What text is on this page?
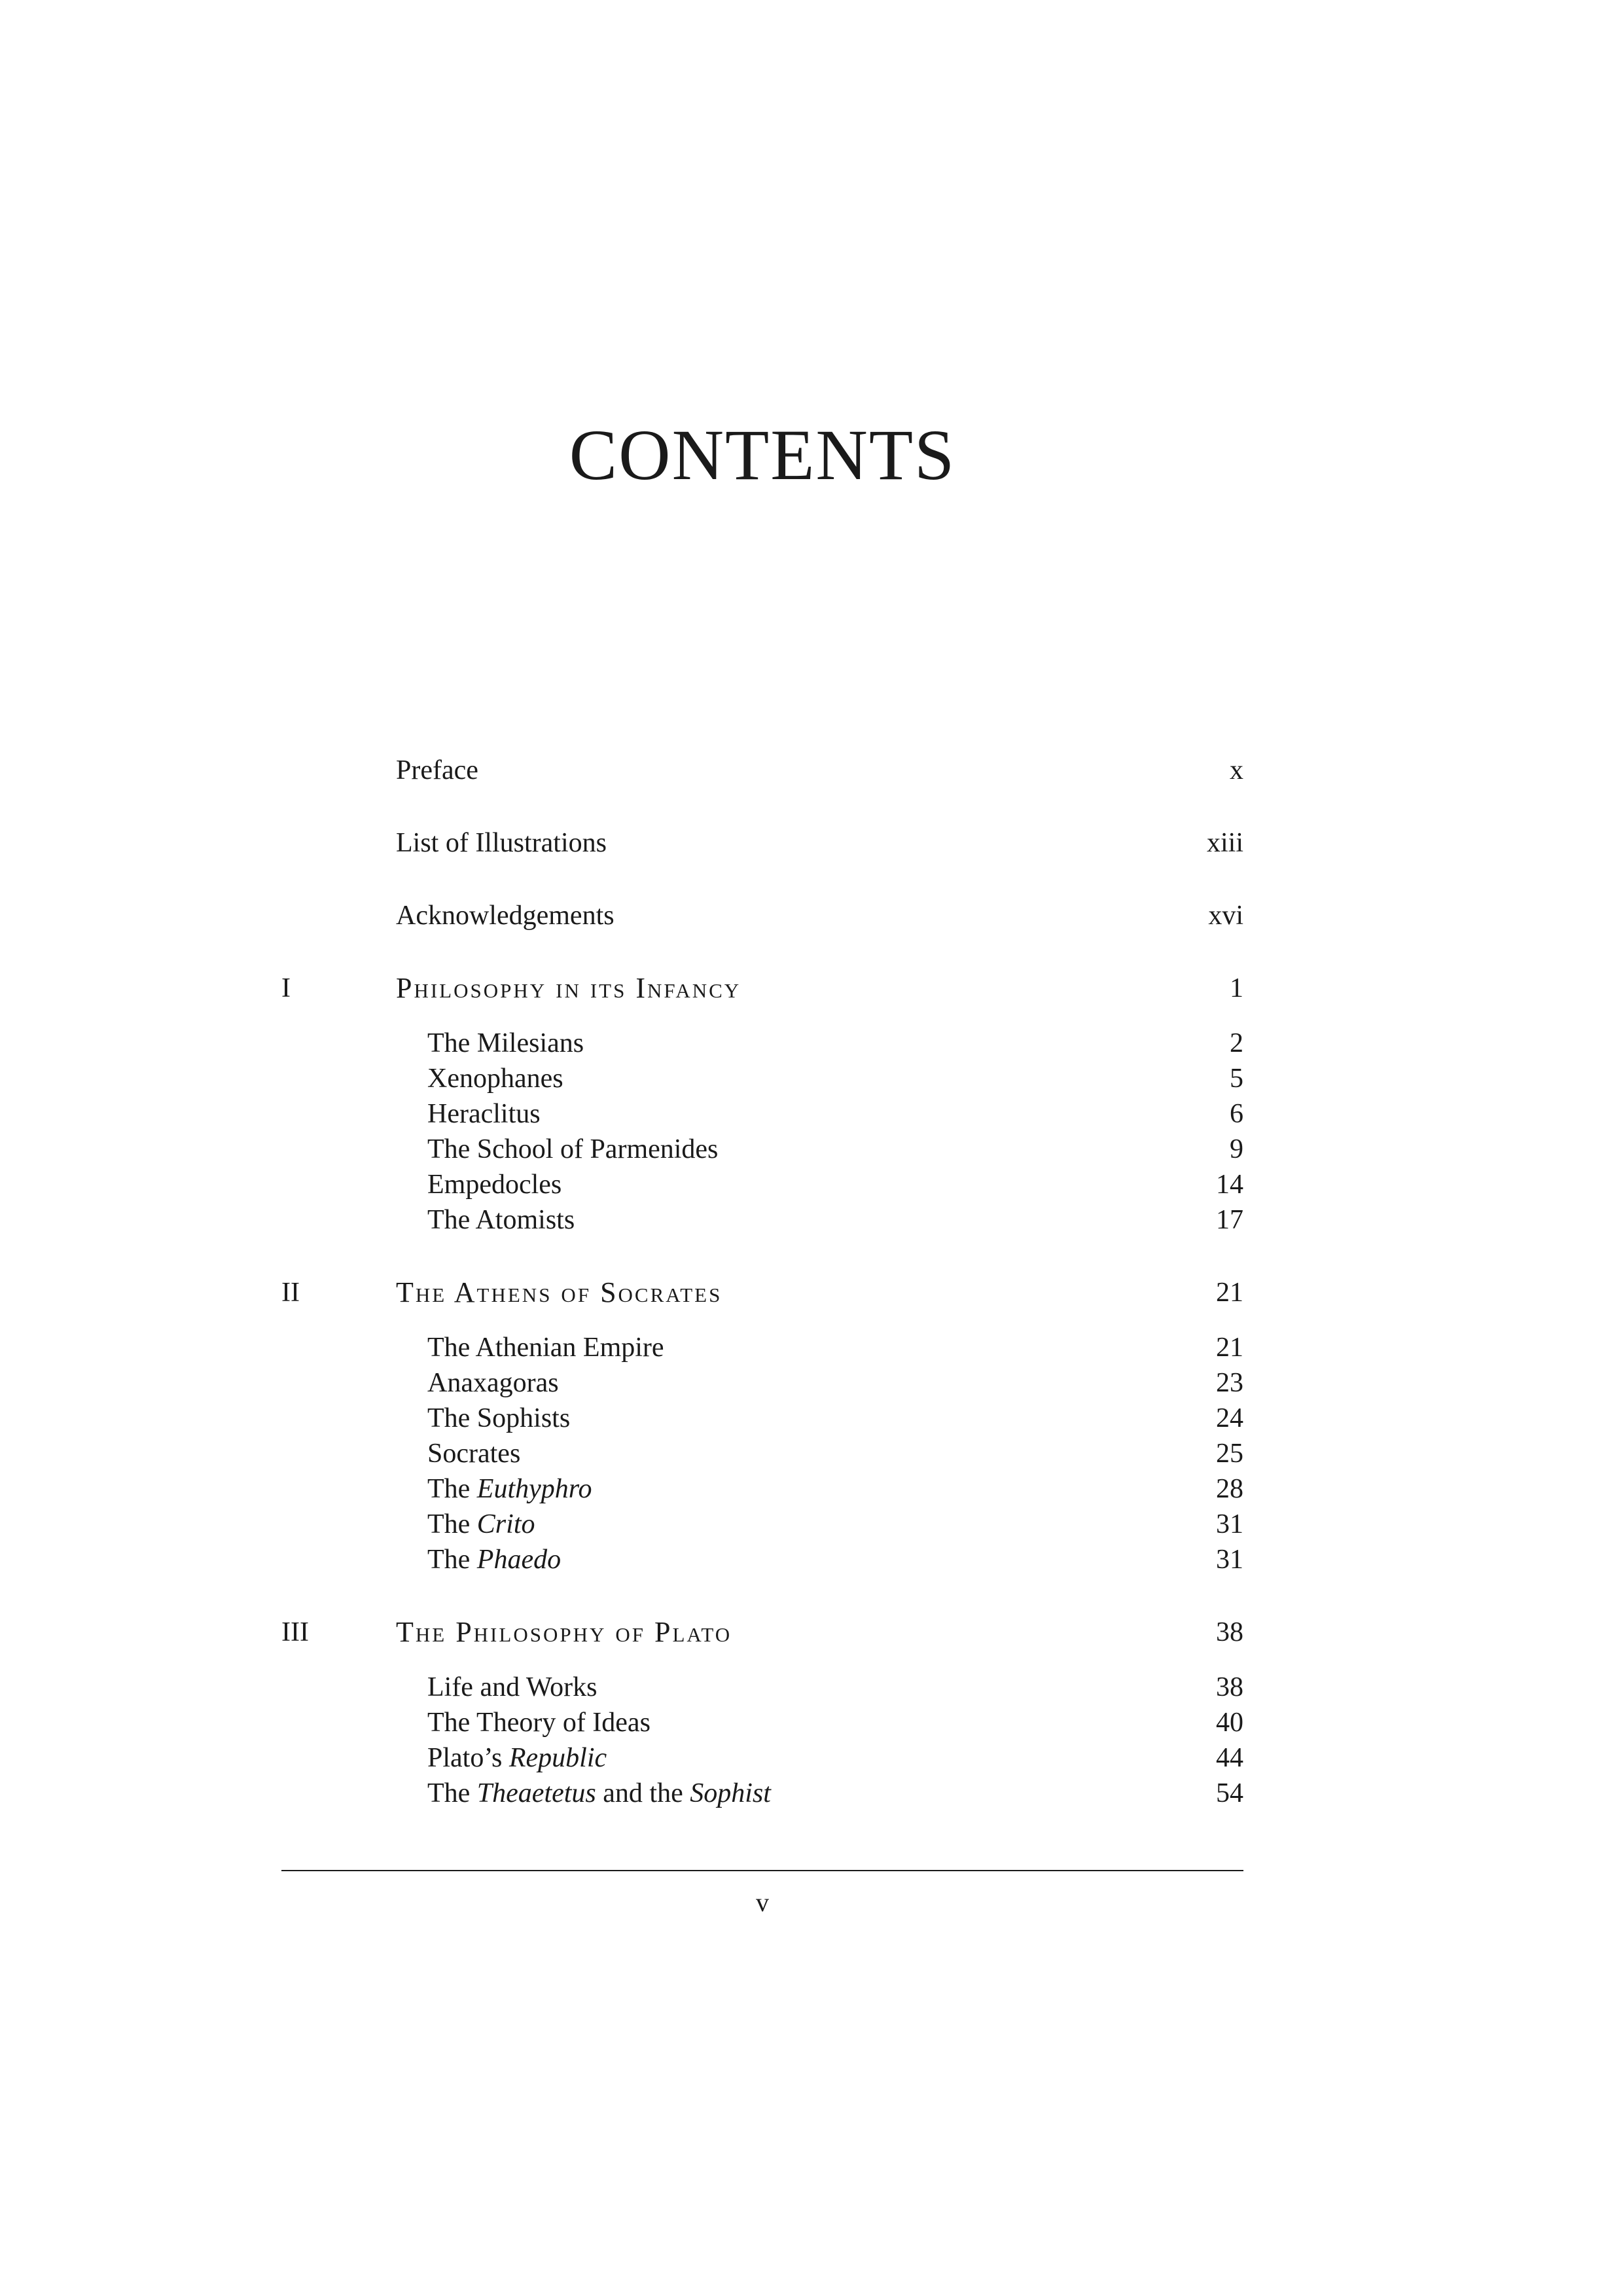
CONTENTS
Preface	x
List of Illustrations	xiii
Acknowledgements	xvi
I	Philosophy in its Infancy	1
The Milesians	2
Xenophanes	5
Heraclitus	6
The School of Parmenides	9
Empedocles	14
The Atomists	17
II	The Athens of Socrates	21
The Athenian Empire	21
Anaxagoras	23
The Sophists	24
Socrates	25
The Euthyphro	28
The Crito	31
The Phaedo	31
III	The Philosophy of Plato	38
Life and Works	38
The Theory of Ideas	40
Plato’s Republic	44
The Theaetetus and the Sophist	54
v
